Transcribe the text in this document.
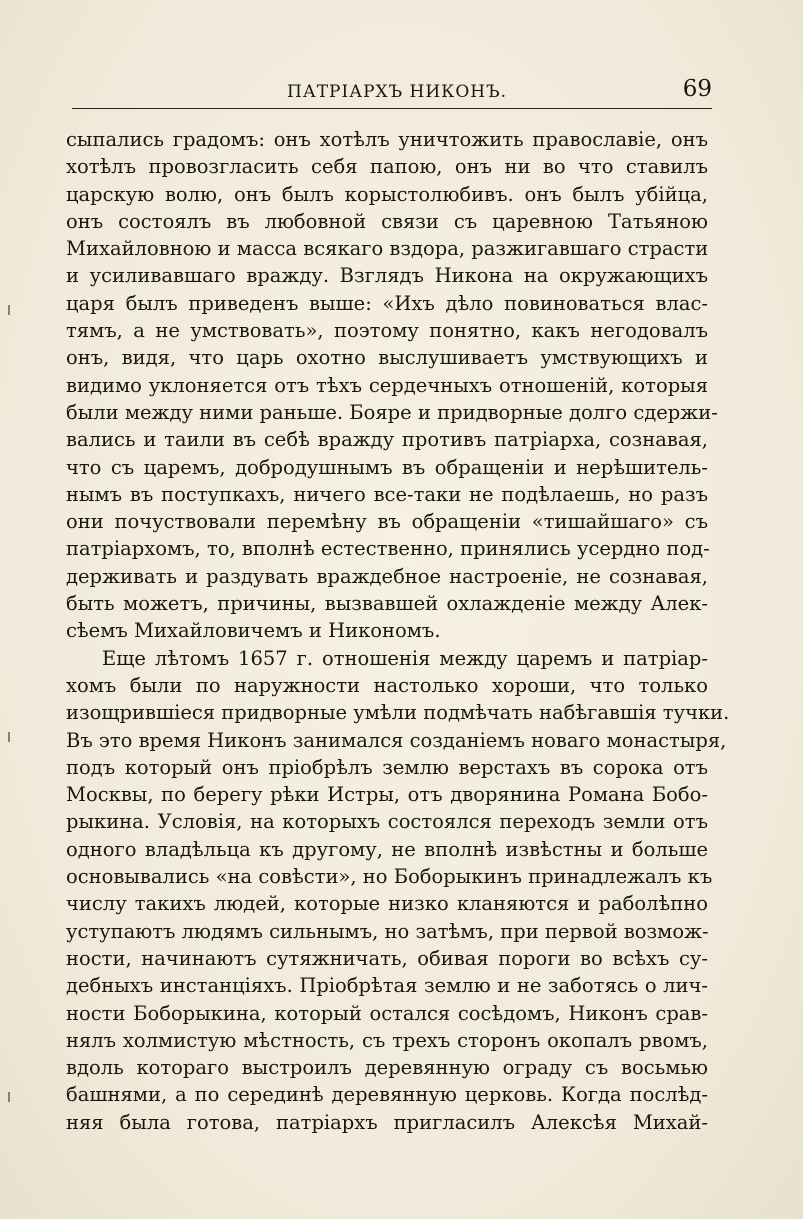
ПАТРІАРХЪ НИКОНЪ.	69
сыпались градомъ: онъ хотѣлъ уничтожить православіе, онъ
хотѣлъ провозгласить себя папою, онъ ни во что ставилъ
царскую волю, онъ былъ корыстолюбивъ. онъ былъ убійца,
онъ состоялъ въ любовной связи съ царевною Татьяною
Михайловною и масса всякаго вздора, разжигавшаго страсти
и усиливавшаго вражду. Взглядъ Никона на окружающихъ
царя былъ приведенъ выше: «Ихъ дѣло повиноваться влас-
тямъ, а не умствовать», поэтому понятно, какъ негодовалъ
онъ, видя, что царь охотно выслушиваетъ умствующихъ и
видимо уклоняется отъ тѣхъ сердечныхъ отношеній, которыя
были между ними раньше. Бояре и придворные долго сдержи-
вались и таили въ себѣ вражду противъ патріарха, сознавая,
что съ царемъ, добродушнымъ въ обращеніи и нерѣшитель-
нымъ въ поступкахъ, ничего все-таки не подѣлаешь, но разъ
они почуствовали перемѣну въ обращеніи «тишайшаго» съ
патріархомъ, то, вполнѣ естественно, принялись усердно под-
держивать и раздувать враждебное настроеніе, не сознавая,
быть можетъ, причины, вызвавшей охлажденіе между Алек-
сѣемъ Михайловичемъ и Никономъ.
Еще лѣтомъ 1657 г. отношенія между царемъ и патріар-
хомъ были по наружности настолько хороши, что только
изощрившіеся придворные умѣли подмѣчать набѣгавшія тучки.
Въ это время Никонъ занимался созданіемъ новаго монастыря,
подъ который онъ пріобрѣлъ землю верстахъ въ сорока отъ
Москвы, по берегу рѣки Истры, отъ дворянина Романа Бобо-
рыкина. Условія, на которыхъ состоялся переходъ земли отъ
одного владѣльца къ другому, не вполнѣ извѣстны и больше
основывались «на совѣсти», но Боборыкинъ принадлежалъ къ
числу такихъ людей, которые низко кланяются и раболѣпно
уступаютъ людямъ сильнымъ, но затѣмъ, при первой возмож-
ности, начинаютъ сутяжничать, обивая пороги во всѣхъ су-
дебныхъ инстанціяхъ. Пріобрѣтая землю и не заботясь о лич-
ности Боборыкина, который остался сосѣдомъ, Никонъ срав-
нялъ холмистую мѣстность, съ трехъ сторонъ окопалъ рвомъ,
вдоль котораго выстроилъ деревянную ограду съ восьмью
башнями, а по серединѣ деревянную церковь. Когда послѣд-
няя была готова, патріархъ пригласилъ Алексѣя Михай-
